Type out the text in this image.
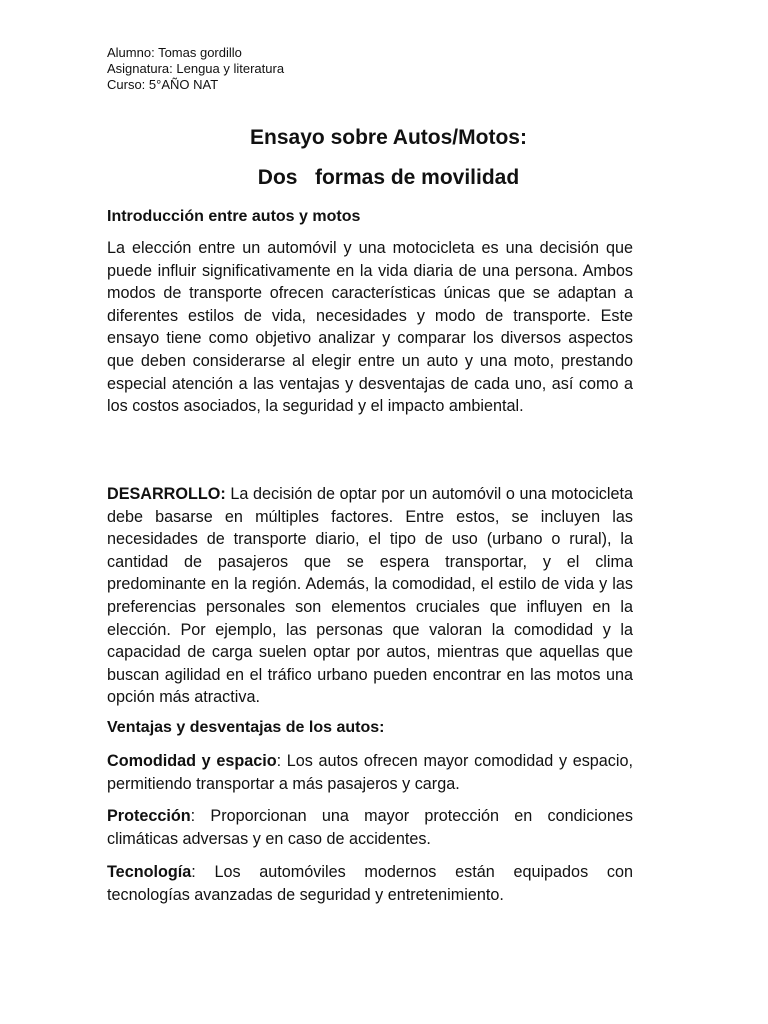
Alumno: Tomas gordillo
Asignatura: Lengua y literatura
Curso: 5°AÑO NAT
Ensayo sobre Autos/Motos:
Dos   formas de movilidad

Introducción entre autos y motos

La elección entre un automóvil y una motocicleta es una decisión que puede influir significativamente en la vida diaria de una persona. Ambos modos de transporte ofrecen características únicas que se adaptan a diferentes estilos de vida, necesidades y modo de transporte. Este ensayo tiene como objetivo analizar y comparar los diversos aspectos que deben considerarse al elegir entre un auto y una moto, prestando especial atención a las ventajas y desventajas de cada uno, así como a los costos asociados, la seguridad y el impacto ambiental.

DESARROLLO: La decisión de optar por un automóvil o una motocicleta debe basarse en múltiples factores. Entre estos, se incluyen las necesidades de transporte diario, el tipo de uso (urbano o rural), la cantidad de pasajeros que se espera transportar, y el clima predominante en la región. Además, la comodidad, el estilo de vida y las preferencias personales son elementos cruciales que influyen en la elección. Por ejemplo, las personas que valoran la comodidad y la capacidad de carga suelen optar por autos, mientras que aquellas que buscan agilidad en el tráfico urbano pueden encontrar en las motos una opción más atractiva.

Ventajas y desventajas de los autos:

Comodidad y espacio: Los autos ofrecen mayor comodidad y espacio, permitiendo transportar a más pasajeros y carga.

Protección: Proporcionan una mayor protección en condiciones climáticas adversas y en caso de accidentes.

Tecnología: Los automóviles modernos están equipados con tecnologías avanzadas de seguridad y entretenimiento.
